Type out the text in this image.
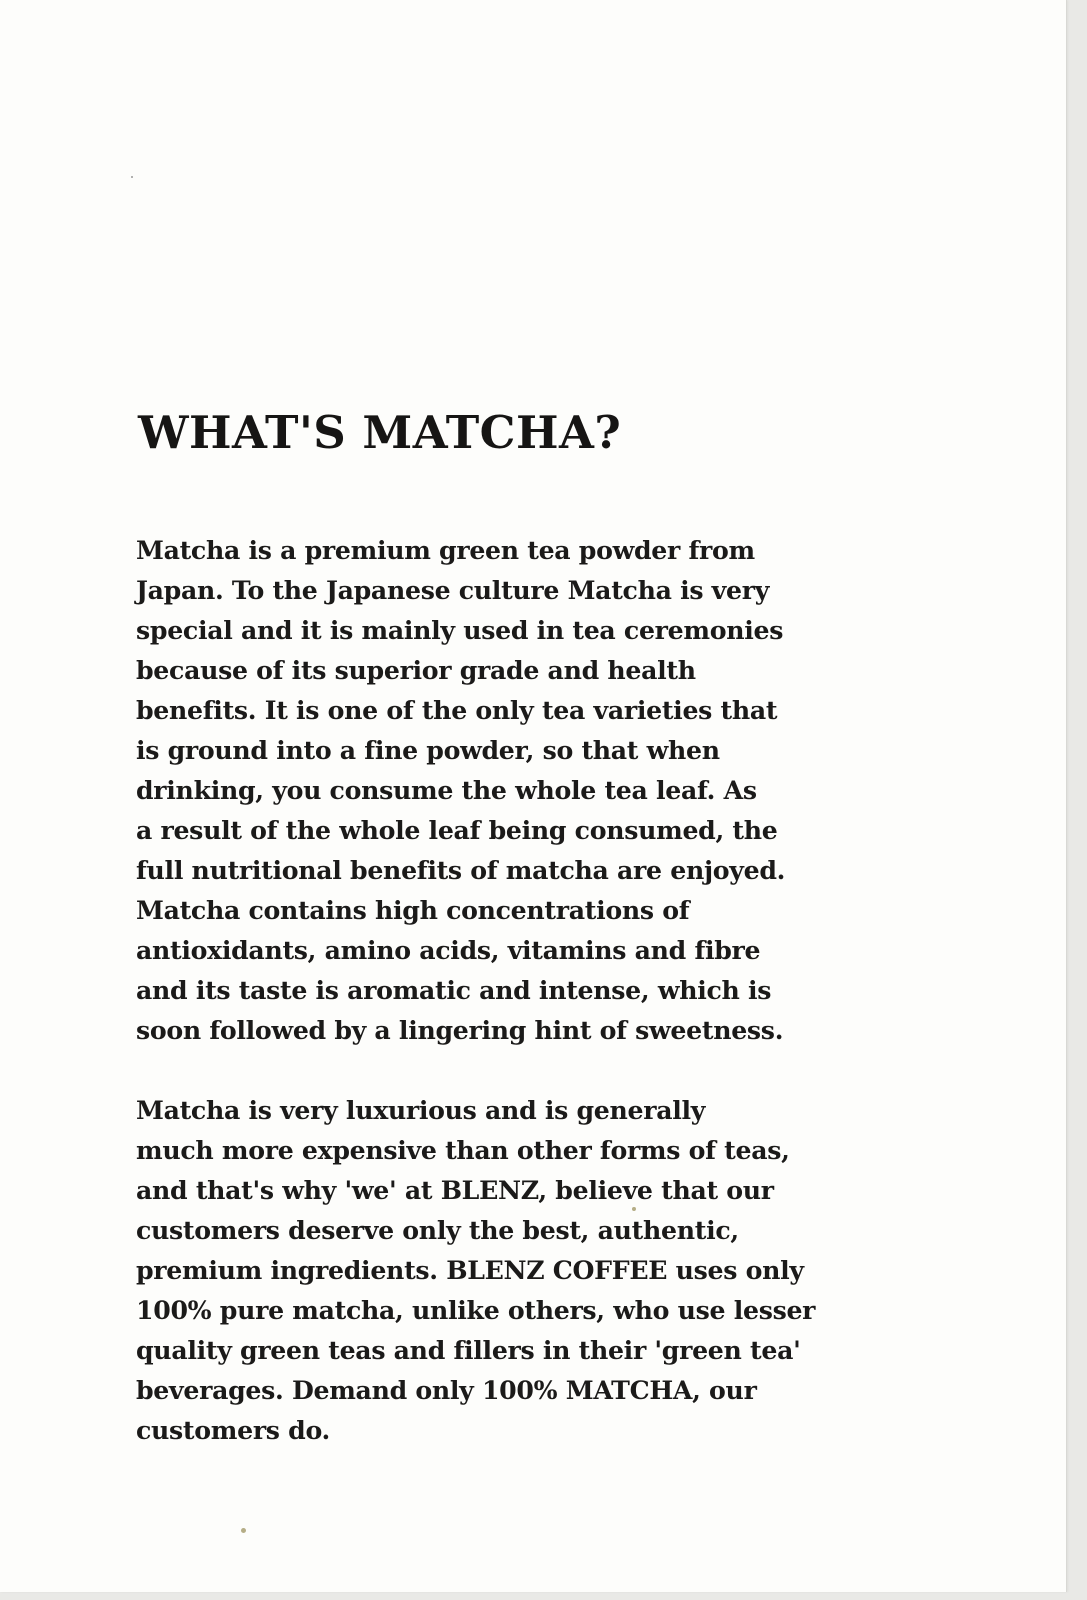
WHAT'S MATCHA?

Matcha is a premium green tea powder from
Japan. To the Japanese culture Matcha is very
special and it is mainly used in tea ceremonies
because of its superior grade and health
benefits. It is one of the only tea varieties that
is ground into a fine powder, so that when
drinking, you consume the whole tea leaf. As
a result of the whole leaf being consumed, the
full nutritional benefits of matcha are enjoyed.
Matcha contains high concentrations of
antioxidants, amino acids, vitamins and fibre
and its taste is aromatic and intense, which is
soon followed by a lingering hint of sweetness.

Matcha is very luxurious and is generally
much more expensive than other forms of teas,
and that's why 'we' at BLENZ, believe that our
customers deserve only the best, authentic,
premium ingredients. BLENZ COFFEE uses only
100% pure matcha, unlike others, who use lesser
quality green teas and fillers in their 'green tea'
beverages. Demand only 100% MATCHA, our
customers do.
